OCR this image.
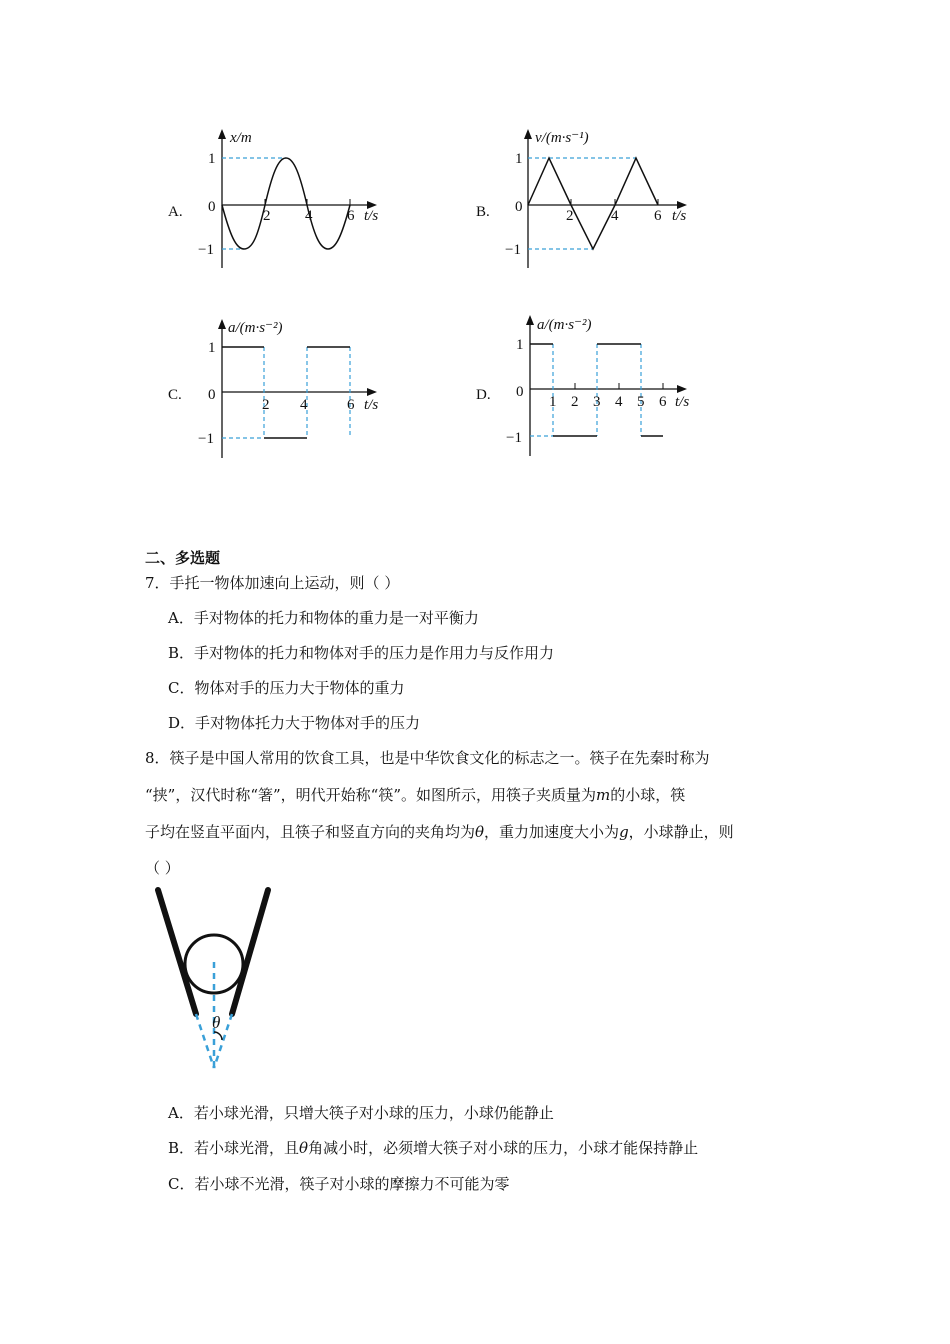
A.
1
0
−1
2 4 6 t/s
x/m
B.
1
0
−1
2	4 6 t/s
v/(m·s⁻¹)
C.
1
0
−1
2 4	6 t/s
a/(m·s⁻²)
D.
1
0
−1
1 2 3 4 5 6 t/s
a/(m·s⁻²)
二、多选题
7．手托一物体加速向上运动，则（ ）
A．手对物体的托力和物体的重力是一对平衡力
B．手对物体的托力和物体对手的压力是作用力与反作用力
C．物体对手的压力大于物体的重力
D．手对物体托力大于物体对手的压力
8．筷子是中国人常用的饮食工具，也是中华饮食文化的标志之一。筷子在先秦时称为
“挟”，汉代时称“箸”，明代开始称“筷”。如图所示，用筷子夹质量为m的小球，筷
子均在竖直平面内，且筷子和竖直方向的夹角均为θ，重力加速度大小为g，小球静止，则
（ ）
θ
A．若小球光滑，只增大筷子对小球的压力，小球仍能静止
B．若小球光滑，且θ角减小时，必须增大筷子对小球的压力，小球才能保持静止
C．若小球不光滑，筷子对小球的摩擦力不可能为零
